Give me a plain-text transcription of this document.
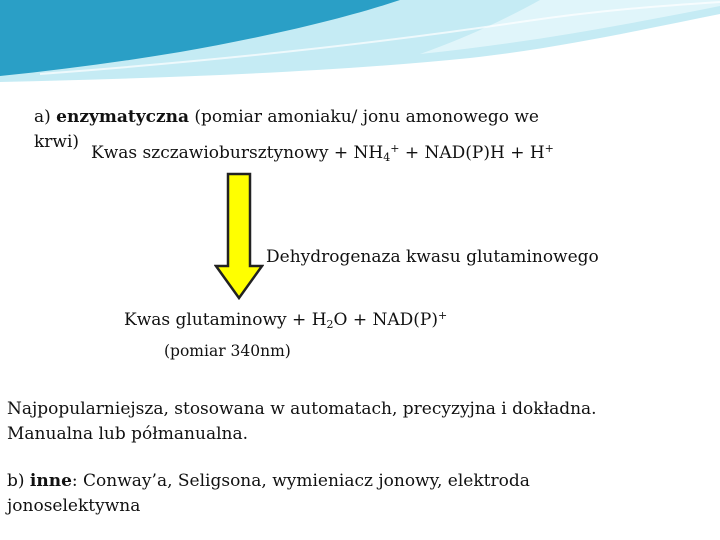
a) enzymatyczna (pomiar amoniaku/ jonu amonowego we
krwi)
Kwas szczawiobursztynowy + $NH_4^+ + NAD(P)H + H^+$
Dehydrogenaza kwasu glutaminowego
Kwas glutaminowy + $H_2O + NAD(P)^+$
(pomiar 340nm)
Najpopularniejsza, stosowana w automatach, precyzyjna i dokładna.
Manualna lub półmanualna.
b) inne: Conway’a, Seligsona, wymieniacz jonowy, elektroda
jonoselektywna
